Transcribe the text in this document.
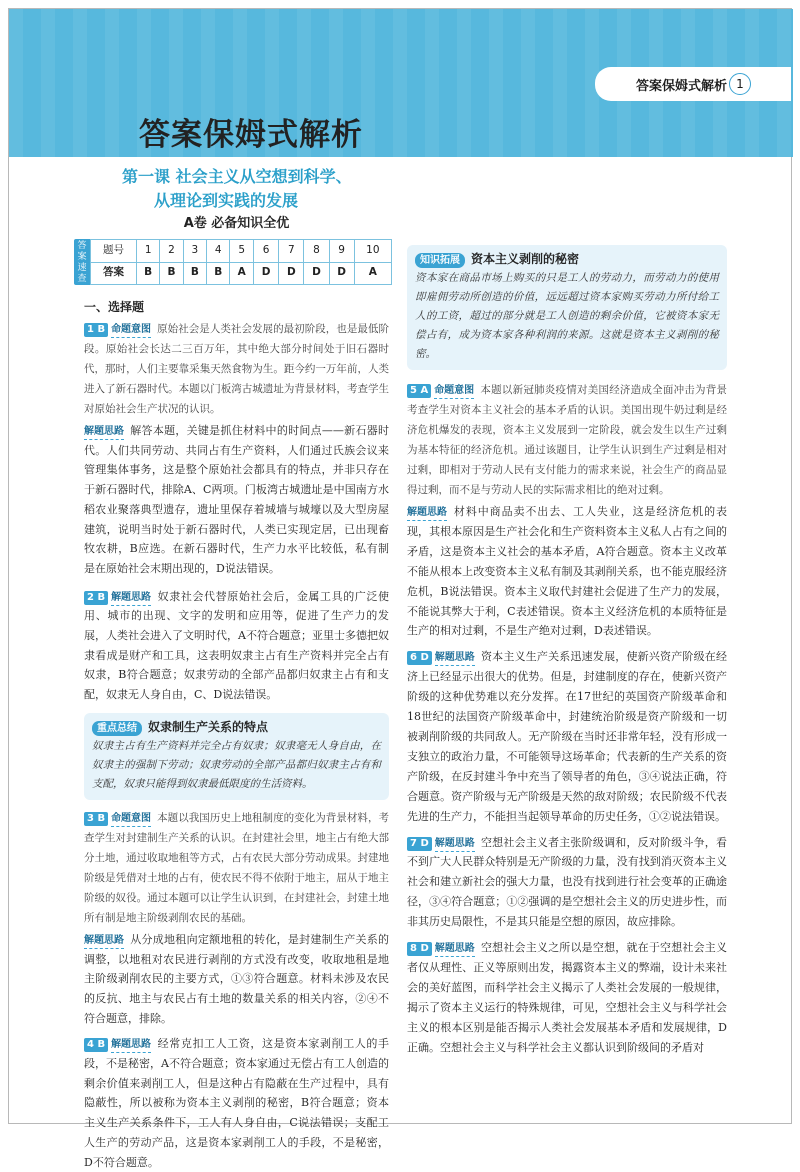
答案保姆式解析 1
答案保姆式解析
第一课 社会主义从空想到科学、
从理论到实践的发展
A卷 必备知识全优
答案速查
题号	1	2	3	4	5	6	7	8	9	10
答案	B	B	B	B	A	D	D	D	D	A
一、选择题

1 B 命题意图 原始社会是人类社会发展的最初阶段，也是最低阶段。原始社会长达二三百万年，其中绝大部分时间处于旧石器时代，那时，人们主要靠采集天然食物为生。距今约一万年前，人类进入了新石器时代。本题以门板湾古城遗址为背景材料，考查学生对原始社会生产状况的认识。

解题思路 解答本题，关键是抓住材料中的时间点——新石器时代。人们共同劳动、共同占有生产资料，人们通过氏族会议来管理集体事务，这是整个原始社会都具有的特点，并非只存在于新石器时代，排除A、C两项。门板湾古城遗址是中国南方水稻农业聚落典型遗存，遗址里保存着城墙与城壕以及大型房屋建筑，说明当时处于新石器时代，人类已实现定居，已出现畜牧农耕，B应选。在新石器时代，生产力水平比较低，私有制是在原始社会末期出现的，D说法错误。

2 B 解题思路 奴隶社会代替原始社会后，金属工具的广泛使用、城市的出现、文字的发明和应用等，促进了生产力的发展，人类社会进入了文明时代，A不符合题意；亚里士多德把奴隶看成是财产和工具，这表明奴隶主占有生产资料并完全占有奴隶，B符合题意；奴隶劳动的全部产品都归奴隶主占有和支配，奴隶无人身自由，C、D说法错误。

重点总结 奴隶制生产关系的特点
奴隶主占有生产资料并完全占有奴隶；奴隶毫无人身自由，在奴隶主的强制下劳动；奴隶劳动的全部产品都归奴隶主占有和支配，奴隶只能得到奴隶最低限度的生活资料。

3 B 命题意图 本题以我国历史上地租制度的变化为背景材料，考查学生对封建制生产关系的认识。在封建社会里，地主占有绝大部分土地，通过收取地租等方式，占有农民大部分劳动成果。封建地阶级是凭借对土地的占有，使农民不得不依附于地主，屈从于地主阶级的奴役。通过本题可以让学生认识到，在封建社会，封建土地所有制是地主阶级剥削农民的基础。

解题思路 从分成地租向定额地租的转化，是封建制生产关系的调整，以地租对农民进行剥削的方式没有改变，收取地租是地主阶级剥削农民的主要方式，①③符合题意。材料未涉及农民的反抗、地主与农民占有土地的数量关系的相关内容，②④不符合题意，排除。

4 B 解题思路 经常克扣工人工资，这是资本家剥削工人的手段，不是秘密，A不符合题意；资本家通过无偿占有工人创造的剩余价值来剥削工人，但是这种占有隐蔽在生产过程中，具有隐蔽性，所以被称为资本主义剥削的秘密，B符合题意；资本主义生产关系条件下，工人有人身自由，C说法错误；支配工人生产的劳动产品，这是资本家剥削工人的手段，不是秘密，D不符合题意。

知识拓展 资本主义剥削的秘密
资本家在商品市场上购买的只是工人的劳动力，而劳动力的使用即雇佣劳动所创造的价值，远远超过资本家购买劳动力所付给工人的工资，超过的部分就是工人创造的剩余价值，它被资本家无偿占有，成为资本家各种利润的来源。这就是资本主义剥削的秘密。

5 A 命题意图 本题以新冠肺炎疫情对美国经济造成全面冲击为背景考查学生对资本主义社会的基本矛盾的认识。美国出现牛奶过剩是经济危机爆发的表现，资本主义发展到一定阶段，就会发生以生产过剩为基本特征的经济危机。通过该题目，让学生认识到生产过剩是相对过剩，即相对于劳动人民有支付能力的需求来说，社会生产的商品显得过剩，而不是与劳动人民的实际需求相比的绝对过剩。

解题思路 材料中商品卖不出去、工人失业，这是经济危机的表现，其根本原因是生产社会化和生产资料资本主义私人占有之间的矛盾，这是资本主义社会的基本矛盾，A符合题意。资本主义改革不能从根本上改变资本主义私有制及其剥削关系，也不能克服经济危机，B说法错误。资本主义取代封建社会促进了生产力的发展，不能说其弊大于利，C表述错误。资本主义经济危机的本质特征是生产的相对过剩，不是生产绝对过剩，D表述错误。

6 D 解题思路 资本主义生产关系迅速发展，使新兴资产阶级在经济上已经显示出很大的优势。但是，封建制度的存在，使新兴资产阶级的这种优势难以充分发挥。在17世纪的英国资产阶级革命和18世纪的法国资产阶级革命中，封建统治阶级是资产阶级和一切被剥削阶级的共同敌人。无产阶级在当时还非常年轻，没有形成一支独立的政治力量，不可能领导这场革命；代表新的生产关系的资产阶级，在反封建斗争中充当了领导者的角色，③④说法正确，符合题意。资产阶级与无产阶级是天然的敌对阶级；农民阶级不代表先进的生产力，不能担当起领导革命的历史任务，①②说法错误。

7 D 解题思路 空想社会主义者主张阶级调和，反对阶级斗争，看不到广大人民群众特别是无产阶级的力量，没有找到消灭资本主义社会和建立新社会的强大力量，也没有找到进行社会变革的正确途径，③④符合题意；①②强调的是空想社会主义的历史进步性，而非其历史局限性，不是其只能是空想的原因，故应排除。

8 D 解题思路 空想社会主义之所以是空想，就在于空想社会主义者仅从理性、正义等原则出发，揭露资本主义的弊端，设计未来社会的美好蓝图，而科学社会主义揭示了人类社会发展的一般规律，揭示了资本主义运行的特殊规律，可见，空想社会主义与科学社会主义的根本区别是能否揭示人类社会发展基本矛盾和发展规律，D正确。空想社会主义与科学社会主义都认识到阶级间的矛盾对
